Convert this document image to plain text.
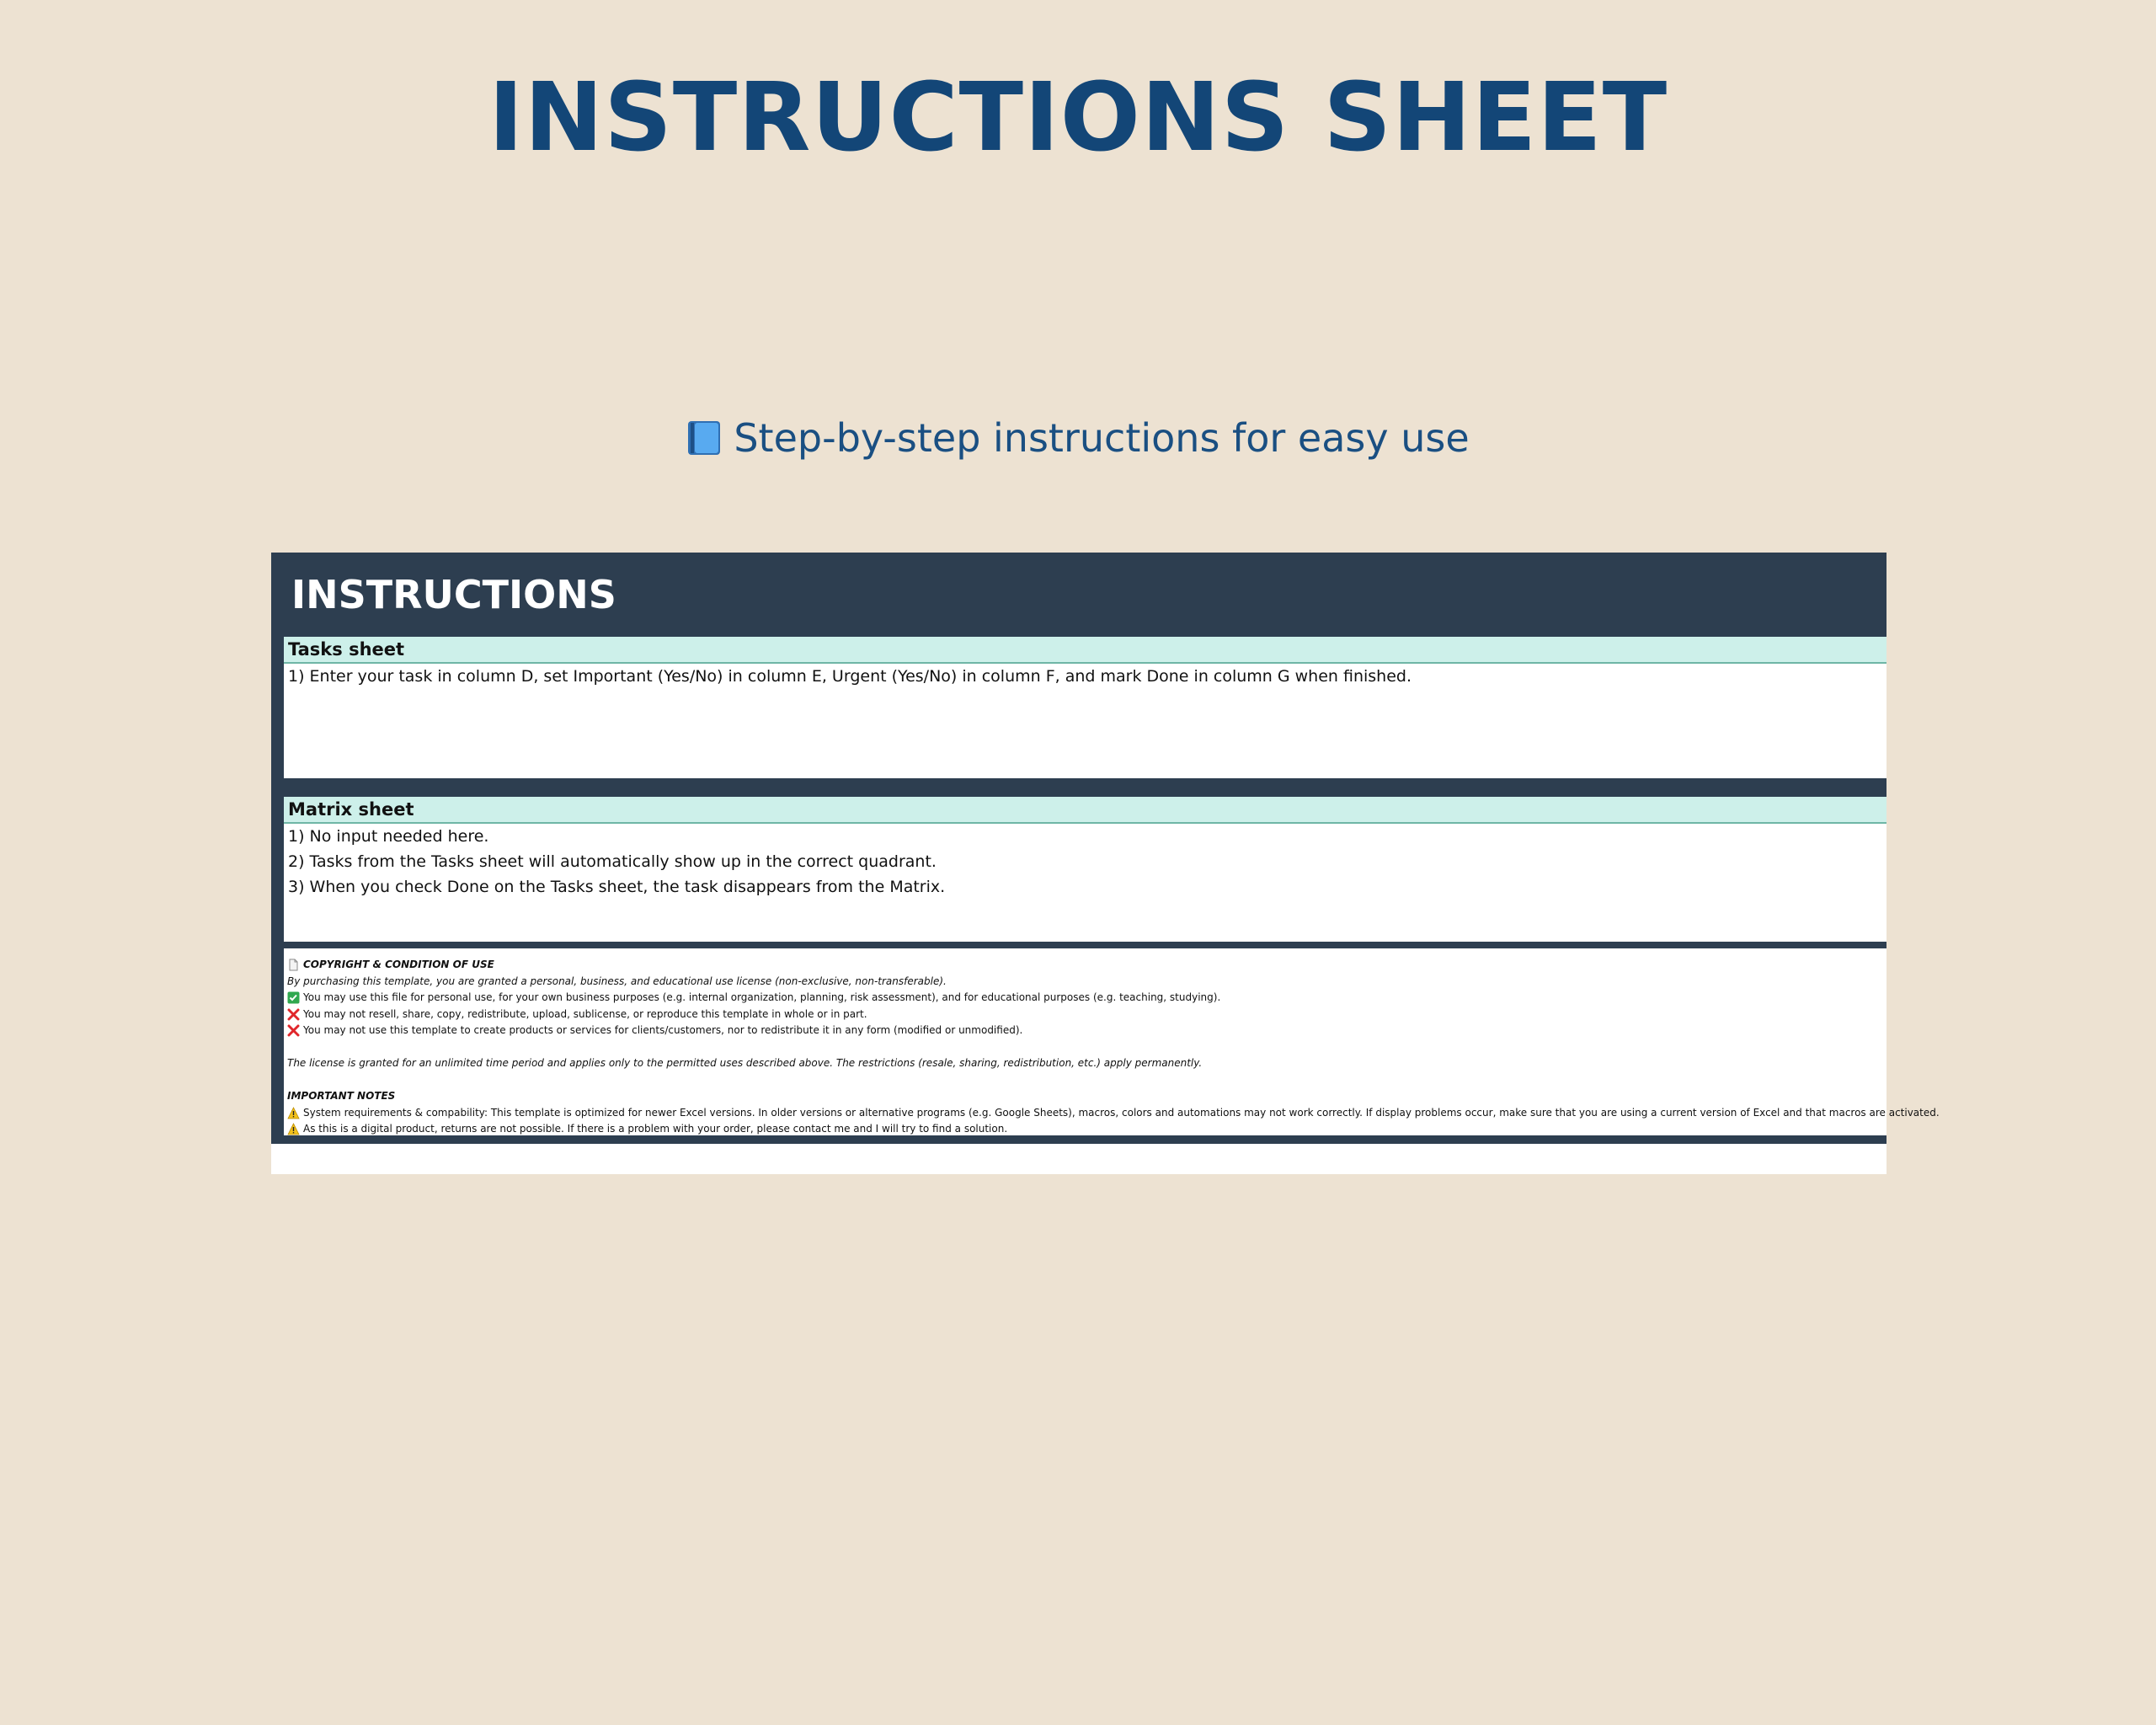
INSTRUCTIONS SHEET
Step-by-step instructions for easy use
INSTRUCTIONS
Tasks sheet
1) Enter your task in column D, set Important (Yes/No) in column E, Urgent (Yes/No) in column F, and mark Done in column G when finished.
Matrix sheet
1) No input needed here.
2) Tasks from the Tasks sheet will automatically show up in the correct quadrant.
3) When you check Done on the Tasks sheet, the task disappears from the Matrix.
COPYRIGHT & CONDITION OF USE
By purchasing this template, you are granted a personal, business, and educational use license (non-exclusive, non-transferable).
You may use this file for personal use, for your own business purposes (e.g. internal organization, planning, risk assessment), and for educational purposes (e.g. teaching, studying).
You may not resell, share, copy, redistribute, upload, sublicense, or reproduce this template in whole or in part.
You may not use this template to create products or services for clients/customers, nor to redistribute it in any form (modified or unmodified).
The license is granted for an unlimited time period and applies only to the permitted uses described above. The restrictions (resale, sharing, redistribution, etc.) apply permanently.
IMPORTANT NOTES
System requirements & compability: This template is optimized for newer Excel versions. In older versions or alternative programs (e.g. Google Sheets), macros, colors and automations may not work correctly. If display problems occur, make sure that you are using a current version of Excel and that macros are activated.
As this is a digital product, returns are not possible. If there is a problem with your order, please contact me and I will try to find a solution.
